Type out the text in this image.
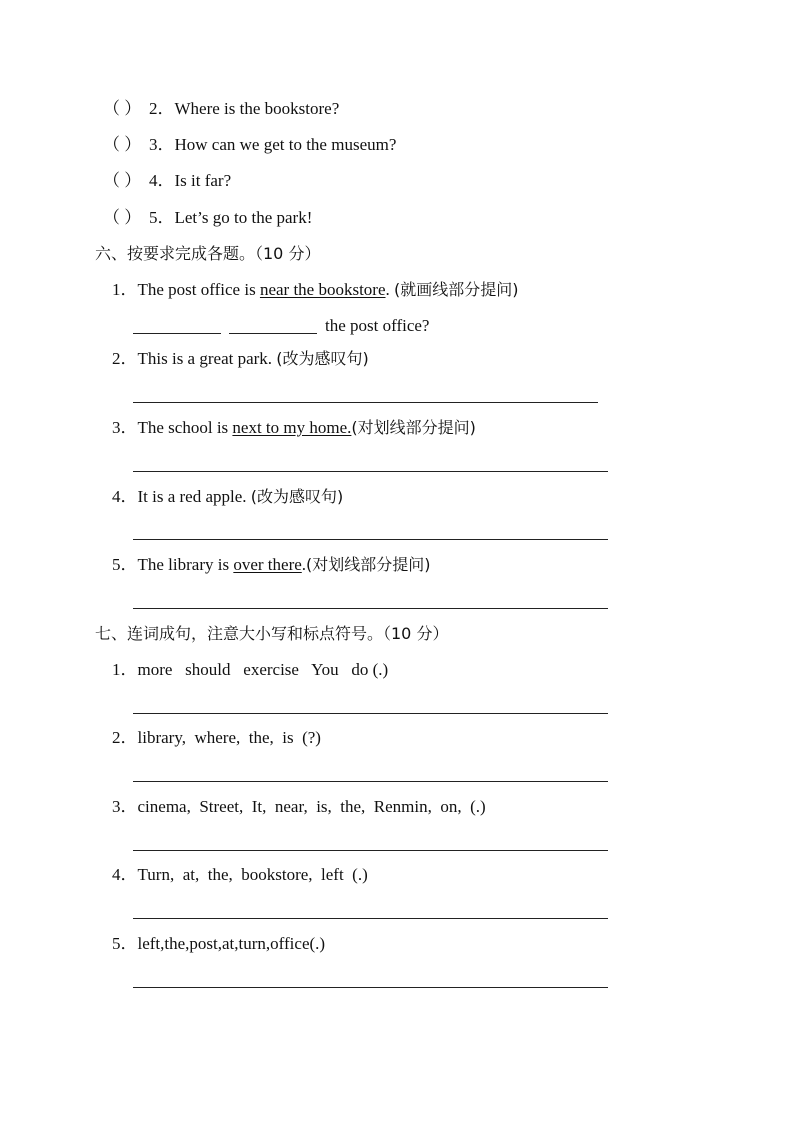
（ ） 2．Where is the bookstore?
（ ） 3．How can we get to the museum?
（ ） 4．Is it far?
（ ） 5．Let’s go to the park!
六、按要求完成各题。（10 分）
1．The post office is near the bookstore. (就画线部分提问)
the post office?
2．This is a great park. (改为感叹句)
3．The school is next to my home.(对划线部分提问)
4．It is a red apple. (改为感叹句)
5．The library is over there.(对划线部分提问)
七、连词成句，注意大小写和标点符号。（10 分）
1．more   should   exercise   You   do (.)
2．library,  where,  the,  is  (?)
3．cinema,  Street,  It,  near,  is,  the,  Renmin,  on,  (.)
4．Turn,  at,  the,  bookstore,  left  (.)
5．left,the,post,at,turn,office(.)
